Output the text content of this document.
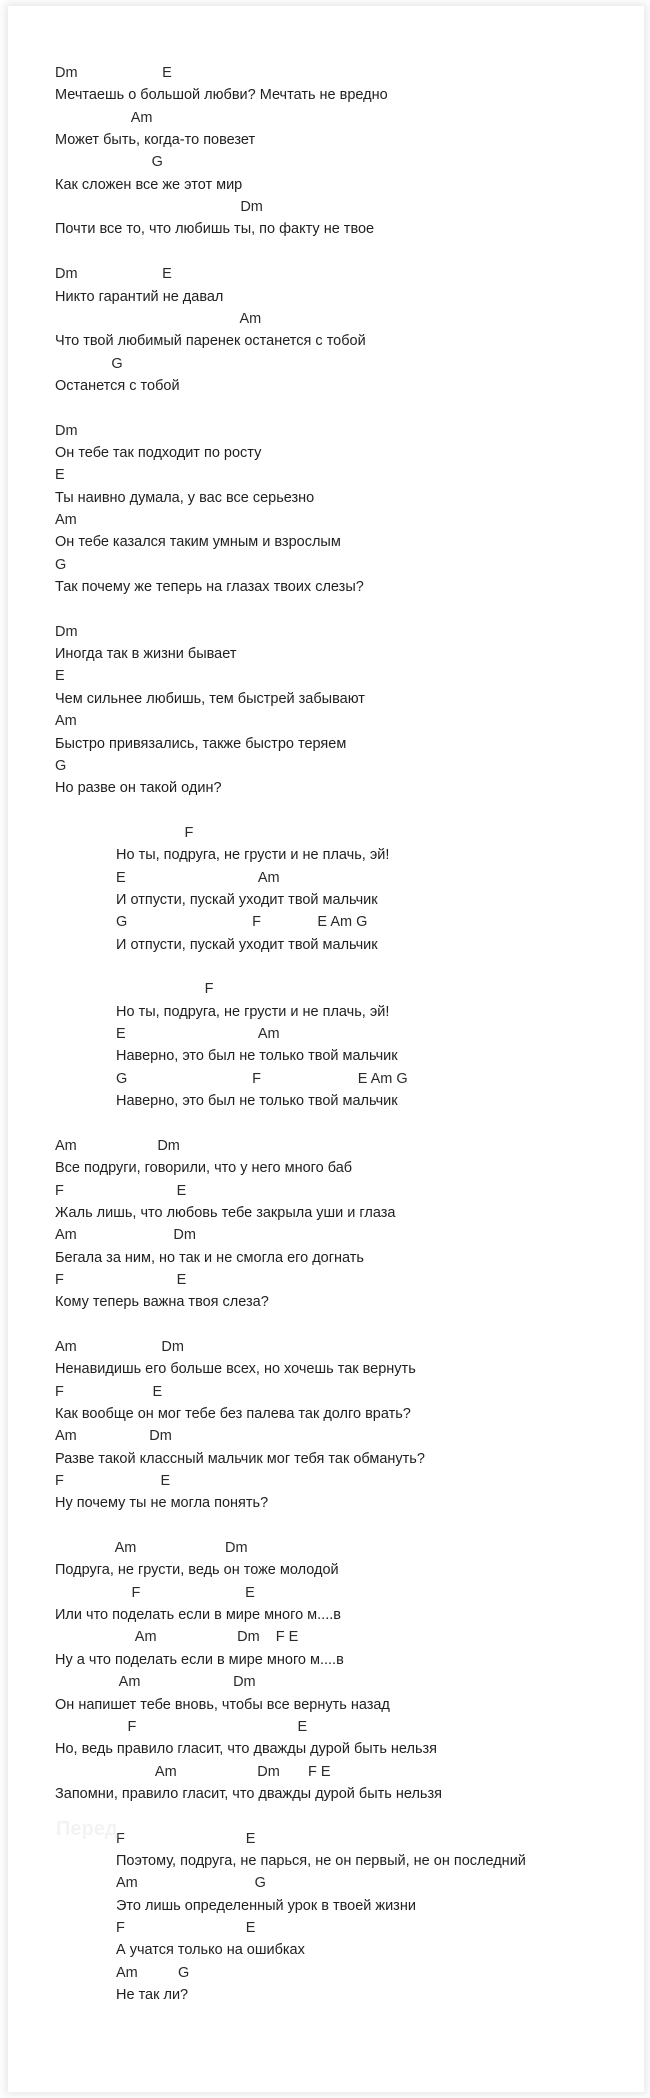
Dm                     E
Мечтаешь о большой любви? Мечтать не вредно
Am
Может быть, когда-то повезет
G
Как сложен все же этот мир
Dm
Почти все то, что любишь ты, по факту не твое
Dm                     E
Никто гарантий не давал
Am
Что твой любимый паренек останется с тобой
G
Останется с тобой
Dm
Он тебе так подходит по росту
E
Ты наивно думала, у вас все серьезно
Am
Он тебе казался таким умным и взрослым
G
Так почему же теперь на глазах твоих слезы?
Dm
Иногда так в жизни бывает
E
Чем сильнее любишь, тем быстрей забывают
Am
Быстро привязались, также быстро теряем
G
Но разве он такой один?
F
Но ты, подруга, не грусти и не плачь, эй!
E                                 Am
И отпусти, пускай уходит твой мальчик
G                               F              E Am G
И отпусти, пускай уходит твой мальчик
F
Но ты, подруга, не грусти и не плачь, эй!
E                                 Am
Наверно, это был не только твой мальчик
G                               F                        E Am G
Наверно, это был не только твой мальчик
Am                    Dm
Все подруги, говорили, что у него много баб
F                            E
Жаль лишь, что любовь тебе закрыла уши и глаза
Am                        Dm
Бегала за ним, но так и не смогла его догнать
F                            E
Кому теперь важна твоя слеза?
Am                     Dm
Ненавидишь его больше всех, но хочешь так вернуть
F                      E
Как вообще он мог тебе без палева так долго врать?
Am                  Dm
Разве такой классный мальчик мог тебя так обмануть?
F                        E
Ну почему ты не могла понять?
Am                      Dm
Подруга, не грусти, ведь он тоже молодой
F                          E
Или что поделать если в мире много м....в
Am                    Dm    F E
Ну а что поделать если в мире много м....в
Am                       Dm
Он напишет тебе вновь, чтобы все вернуть назад
F                                        E
Но, ведь правило гласит, что дважды дурой быть нельзя
Am                    Dm       F E
Запомни, правило гласит, что дважды дурой быть нельзя
F                              E
Поэтому, подруга, не парься, не он первый, не он последний
Am                             G
Это лишь определенный урок в твоей жизни
F                              E
А учатся только на ошибках
Am          G
Не так ли?
Перед
